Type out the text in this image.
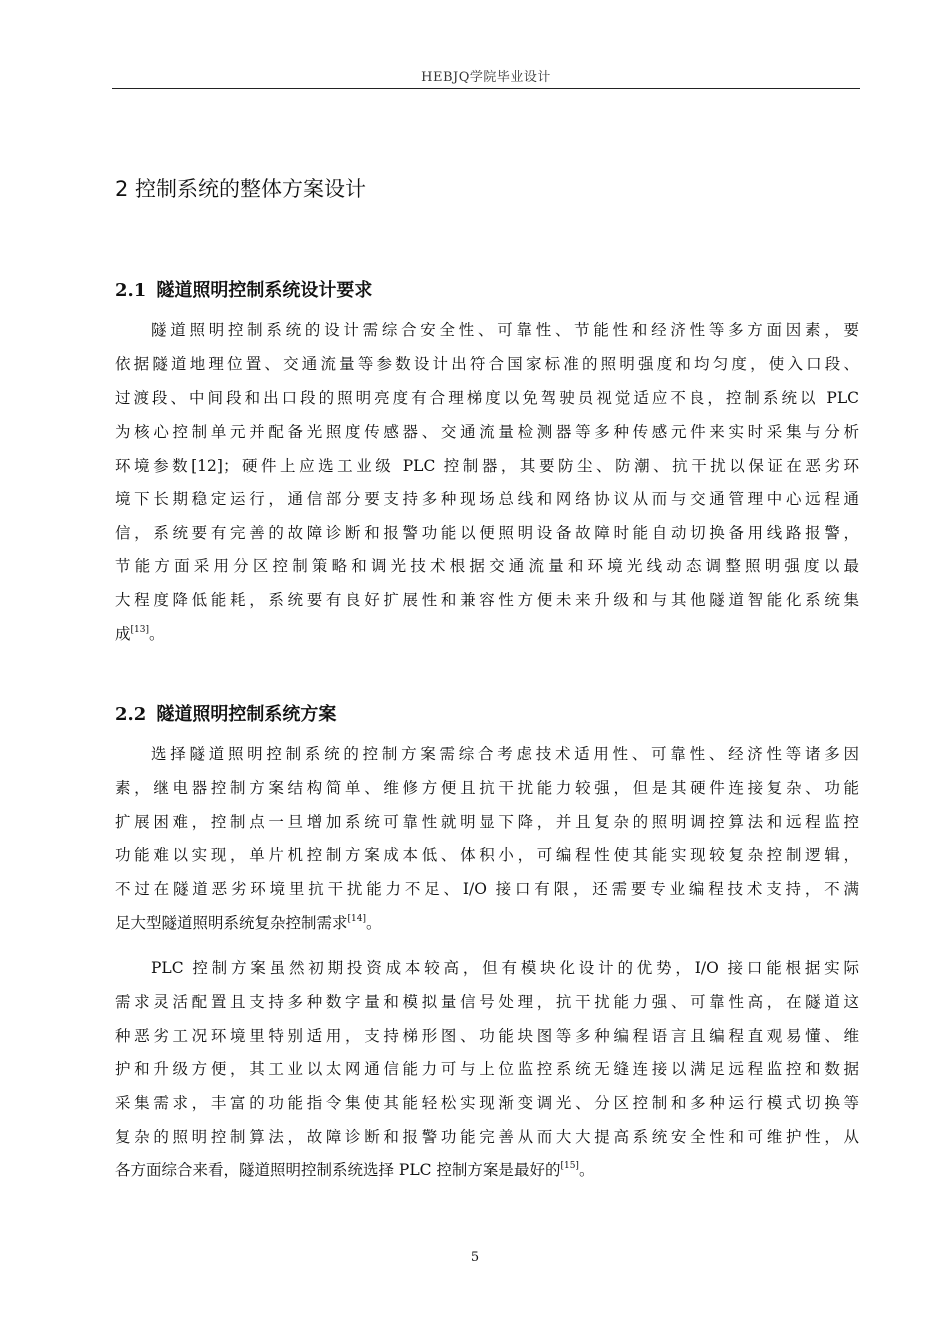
HEBJQ学院毕业设计
2 控制系统的整体方案设计
2.1 隧道照明控制系统设计要求
隧道照明控制系统的设计需综合安全性、可靠性、节能性和经济性等多方面因素，要
依据隧道地理位置、交通流量等参数设计出符合国家标准的照明强度和均匀度，使入口段、
过渡段、中间段和出口段的照明亮度有合理梯度以免驾驶员视觉适应不良，控制系统以 PLC
为核心控制单元并配备光照度传感器、交通流量检测器等多种传感元件来实时采集与分析
环境参数[12]；硬件上应选工业级 PLC 控制器，其要防尘、防潮、抗干扰以保证在恶劣环
境下长期稳定运行，通信部分要支持多种现场总线和网络协议从而与交通管理中心远程通
信，系统要有完善的故障诊断和报警功能以便照明设备故障时能自动切换备用线路报警，
节能方面采用分区控制策略和调光技术根据交通流量和环境光线动态调整照明强度以最
大程度降低能耗，系统要有良好扩展性和兼容性方便未来升级和与其他隧道智能化系统集
成[13]。
2.2 隧道照明控制系统方案
选择隧道照明控制系统的控制方案需综合考虑技术适用性、可靠性、经济性等诸多因
素，继电器控制方案结构简单、维修方便且抗干扰能力较强，但是其硬件连接复杂、功能
扩展困难，控制点一旦增加系统可靠性就明显下降，并且复杂的照明调控算法和远程监控
功能难以实现，单片机控制方案成本低、体积小，可编程性使其能实现较复杂控制逻辑，
不过在隧道恶劣环境里抗干扰能力不足、I/O 接口有限，还需要专业编程技术支持，不满
足大型隧道照明系统复杂控制需求[14]。
PLC 控制方案虽然初期投资成本较高，但有模块化设计的优势，I/O 接口能根据实际
需求灵活配置且支持多种数字量和模拟量信号处理，抗干扰能力强、可靠性高，在隧道这
种恶劣工况环境里特别适用，支持梯形图、功能块图等多种编程语言且编程直观易懂、维
护和升级方便，其工业以太网通信能力可与上位监控系统无缝连接以满足远程监控和数据
采集需求，丰富的功能指令集使其能轻松实现渐变调光、分区控制和多种运行模式切换等
复杂的照明控制算法，故障诊断和报警功能完善从而大大提高系统安全性和可维护性，从
各方面综合来看，隧道照明控制系统选择 PLC 控制方案是最好的[15]。
5
